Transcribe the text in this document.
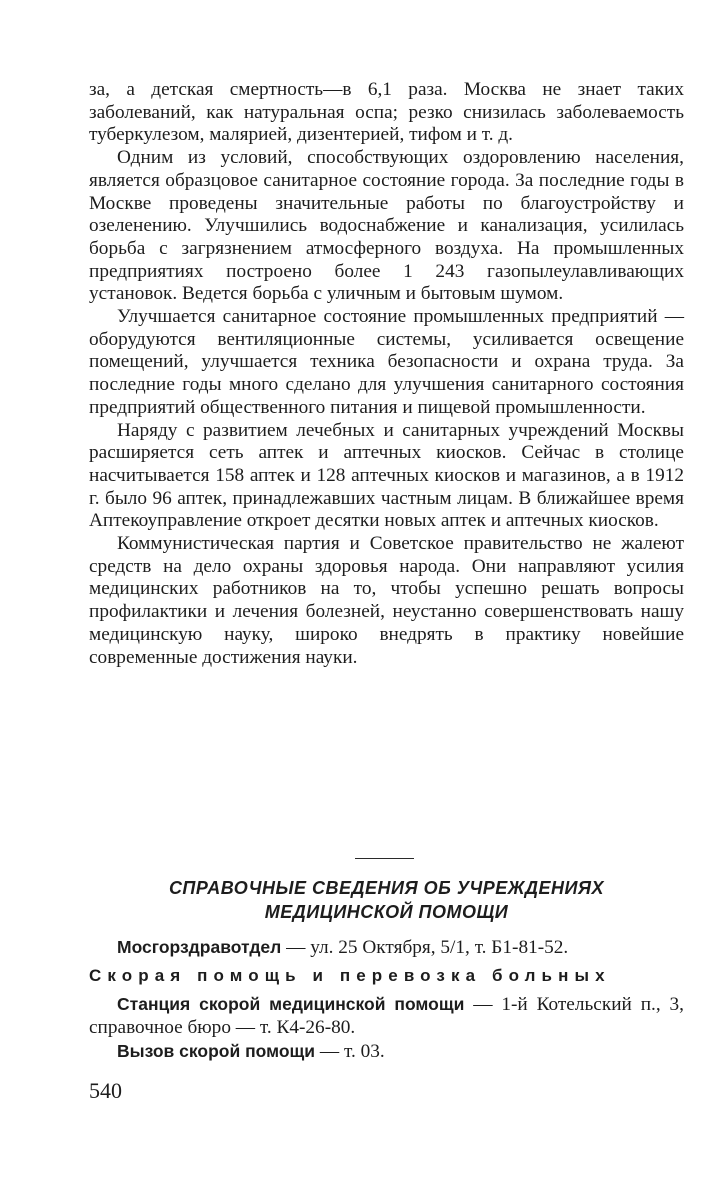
за, а детская смертность—в 6,1 раза. Москва не знает таких заболеваний, как натуральная оспа; резко снизилась заболеваемость туберкулезом, малярией, дизентерией, тифом и т. д.

Одним из условий, способствующих оздоровлению населения, является образцовое санитарное состояние города. За последние годы в Москве проведены значительные работы по благоустройству и озеленению. Улучшились водоснабжение и канализация, усилилась борьба с загрязнением атмосферного воздуха. На промышленных предприятиях построено более 1 243 газопылеулавливающих установок. Ведется борьба с уличным и бытовым шумом.

Улучшается санитарное состояние промышленных предприятий — оборудуются вентиляционные системы, усиливается освещение помещений, улучшается техника безопасности и охрана труда. За последние годы много сделано для улучшения санитарного состояния предприятий общественного питания и пищевой промышленности.

Наряду с развитием лечебных и санитарных учреждений Москвы расширяется сеть аптек и аптечных киосков. Сейчас в столице насчитывается 158 аптек и 128 аптечных киосков и магазинов, а в 1912 г. было 96 аптек, принадлежавших частным лицам. В ближайшее время Аптекоуправление откроет десятки новых аптек и аптечных киосков.

Коммунистическая партия и Советское правительство не жалеют средств на дело охраны здоровья народа. Они направляют усилия медицинских работников на то, чтобы успешно решать вопросы профилактики и лечения болезней, неустанно совершенствовать нашу медицинскую науку, широко внедрять в практику новейшие современные достижения науки.

СПРАВОЧНЫЕ СВЕДЕНИЯ ОБ УЧРЕЖДЕНИЯХ
МЕДИЦИНСКОЙ ПОМОЩИ
Мосгорздравотдел — ул. 25 Октября, 5/1, т. Б1-81-52.
Скорая помощь и перевозка больных
Станция скорой медицинской помощи — 1-й Котельский п., 3, справочное бюро — т. К4-26-80.
Вызов скорой помощи — т. 03.
540
